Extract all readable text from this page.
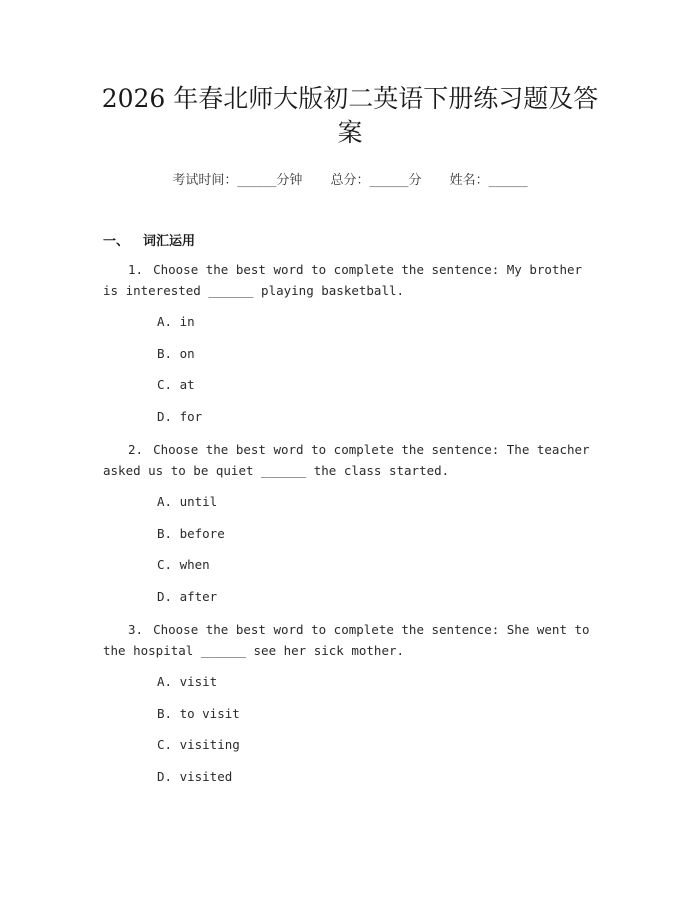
2026 年春北师大版初二英语下册练习题及答案
考试时间：______分钟 总分：______分 姓名：______
一、 词汇运用
1. Choose the best word to complete the sentence: My brother is interested ______ playing basketball.
A. in
B. on
C. at
D. for
2. Choose the best word to complete the sentence: The teacher asked us to be quiet ______ the class started.
A. until
B. before
C. when
D. after
3. Choose the best word to complete the sentence: She went to the hospital ______ see her sick mother.
A. visit
B. to visit
C. visiting
D. visited
